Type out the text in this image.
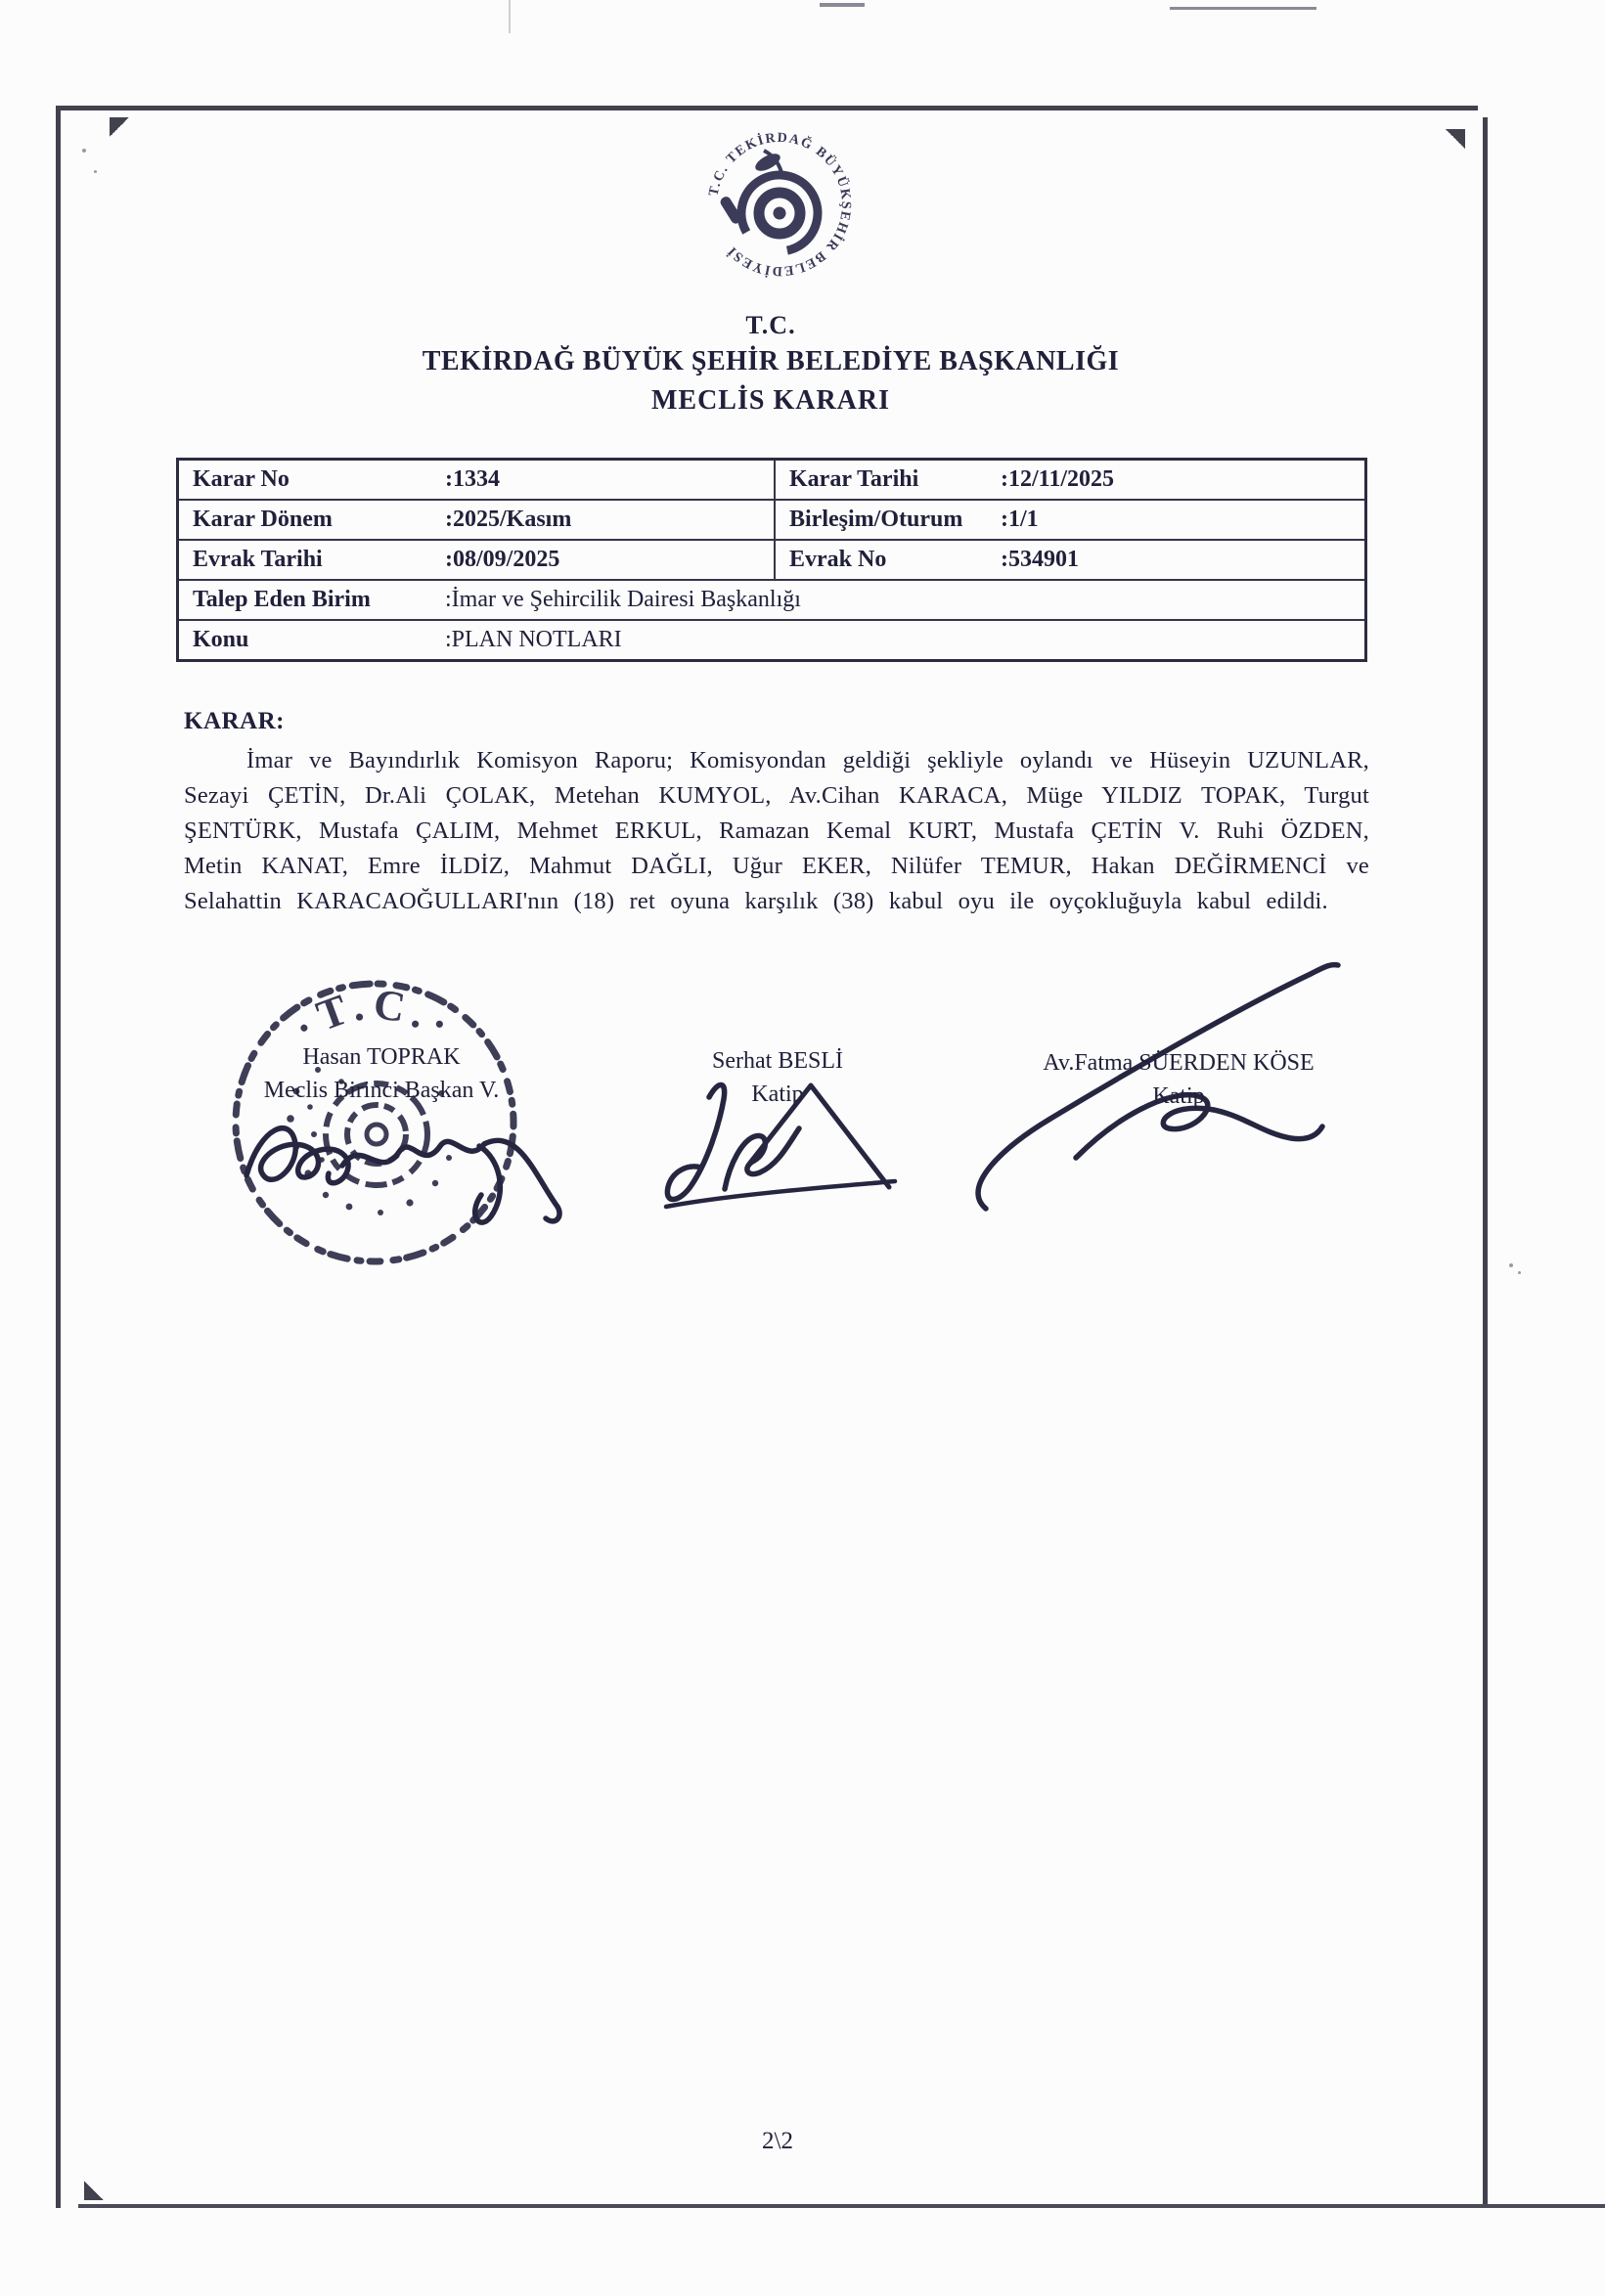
T.C. TEKİRDAĞ BÜYÜKŞEHİR BELEDİYESİ
T.C.
TEKİRDAĞ BÜYÜK ŞEHİR BELEDİYE BAŞKANLIĞI
MECLİS KARARI
Karar No	:1334	Karar Tarihi	:12/11/2025
Karar Dönem	:2025/Kasım	Birleşim/Oturum	:1/1
Evrak Tarihi	:08/09/2025	Evrak No	:534901
Talep Eden Birim	:İmar ve Şehircilik Dairesi Başkanlığı
Konu	:PLAN NOTLARI
KARAR:

İmar ve Bayındırlık Komisyon Raporu; Komisyondan geldiği şekliyle oylandı ve Hüseyin UZUNLAR, Sezayi ÇETİN, Dr.Ali ÇOLAK, Metehan KUMYOL, Av.Cihan KARACA, Müge YILDIZ TOPAK, Turgut ŞENTÜRK, Mustafa ÇALIM, Mehmet ERKUL, Ramazan Kemal KURT, Mustafa ÇETİN V. Ruhi ÖZDEN, Metin KANAT, Emre İLDİZ, Mahmut DAĞLI, Uğur EKER, Nilüfer TEMUR, Hakan DEĞİRMENCİ ve Selahattin KARACAOĞULLARI'nın (18) ret oyuna karşılık (38) kabul oyu ile oyçokluğuyla kabul edildi.

·T.C.·
Hasan TOPRAK
Meclis Birinci Başkan V.
Serhat BESLİ
Katip
Av.Fatma SÜERDEN KÖSE
Katip
2\2
